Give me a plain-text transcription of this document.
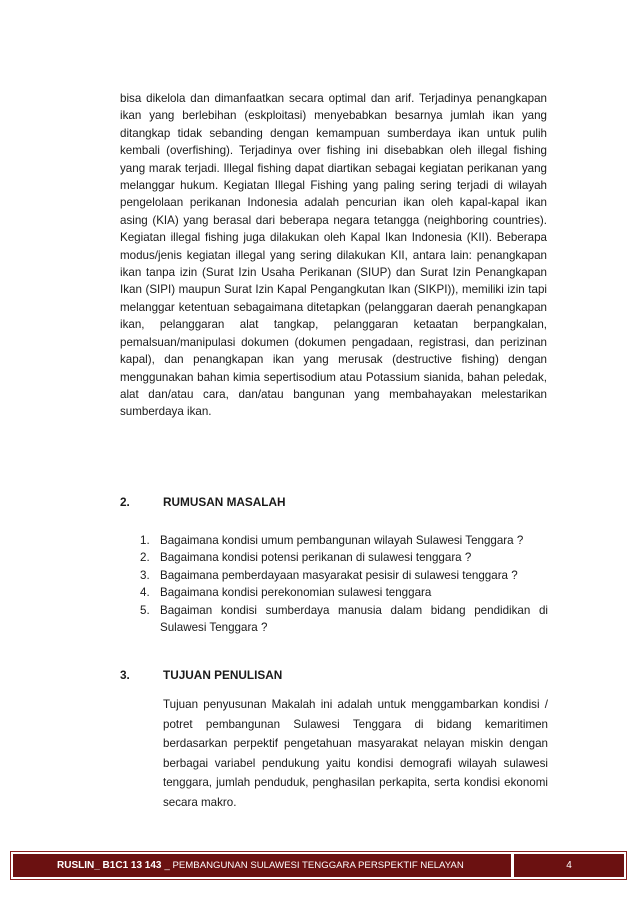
bisa dikelola dan dimanfaatkan secara optimal dan arif. Terjadinya penangkapan ikan yang berlebihan (eskploitasi) menyebabkan besarnya jumlah ikan yang ditangkap tidak sebanding dengan kemampuan sumberdaya ikan untuk pulih kembali (overfishing). Terjadinya over fishing ini disebabkan oleh illegal fishing yang marak terjadi. Illegal fishing dapat diartikan sebagai kegiatan perikanan yang melanggar hukum. Kegiatan Illegal Fishing yang paling sering terjadi di wilayah pengelolaan perikanan Indonesia adalah pencurian ikan oleh kapal-kapal ikan asing (KIA) yang berasal dari beberapa negara tetangga (neighboring countries). Kegiatan illegal fishing juga dilakukan oleh Kapal Ikan Indonesia (KII). Beberapa modus/jenis kegiatan illegal yang sering dilakukan KII, antara lain: penangkapan ikan tanpa izin (Surat Izin Usaha Perikanan (SIUP) dan Surat Izin Penangkapan Ikan (SIPI) maupun Surat Izin Kapal Pengangkutan Ikan (SIKPI)), memiliki izin tapi melanggar ketentuan sebagaimana ditetapkan (pelanggaran daerah penangkapan ikan, pelanggaran alat tangkap, pelanggaran ketaatan berpangkalan, pemalsuan/manipulasi dokumen (dokumen pengadaan, registrasi, dan perizinan kapal), dan penangkapan ikan yang merusak (destructive fishing) dengan menggunakan bahan kimia sepertisodium atau Potassium sianida, bahan peledak, alat dan/atau cara, dan/atau bangunan yang membahayakan melestarikan sumberdaya ikan.

2.	RUMUSAN MASALAH
1. Bagaimana kondisi umum pembangunan wilayah Sulawesi Tenggara ?
2. Bagaimana kondisi potensi perikanan di sulawesi tenggara ?
3. Bagaimana pemberdayaan masyarakat pesisir di sulawesi tenggara ?
4. Bagaimana kondisi perekonomian sulawesi tenggara
5. Bagaiman kondisi sumberdaya manusia dalam bidang pendidikan di Sulawesi Tenggara ?
3.	TUJUAN PENULISAN

Tujuan penyusunan Makalah ini adalah untuk menggambarkan kondisi / potret pembangunan Sulawesi Tenggara di bidang kemaritimen berdasarkan perpektif pengetahuan masyarakat nelayan miskin dengan berbagai variabel pendukung yaitu kondisi demografi wilayah sulawesi tenggara, jumlah penduduk, penghasilan perkapita, serta kondisi ekonomi secara makro.

RUSLIN_ B1C1 13 143 _ PEMBANGUNAN SULAWESI TENGGARA PERSPEKTIF NELAYAN	4
